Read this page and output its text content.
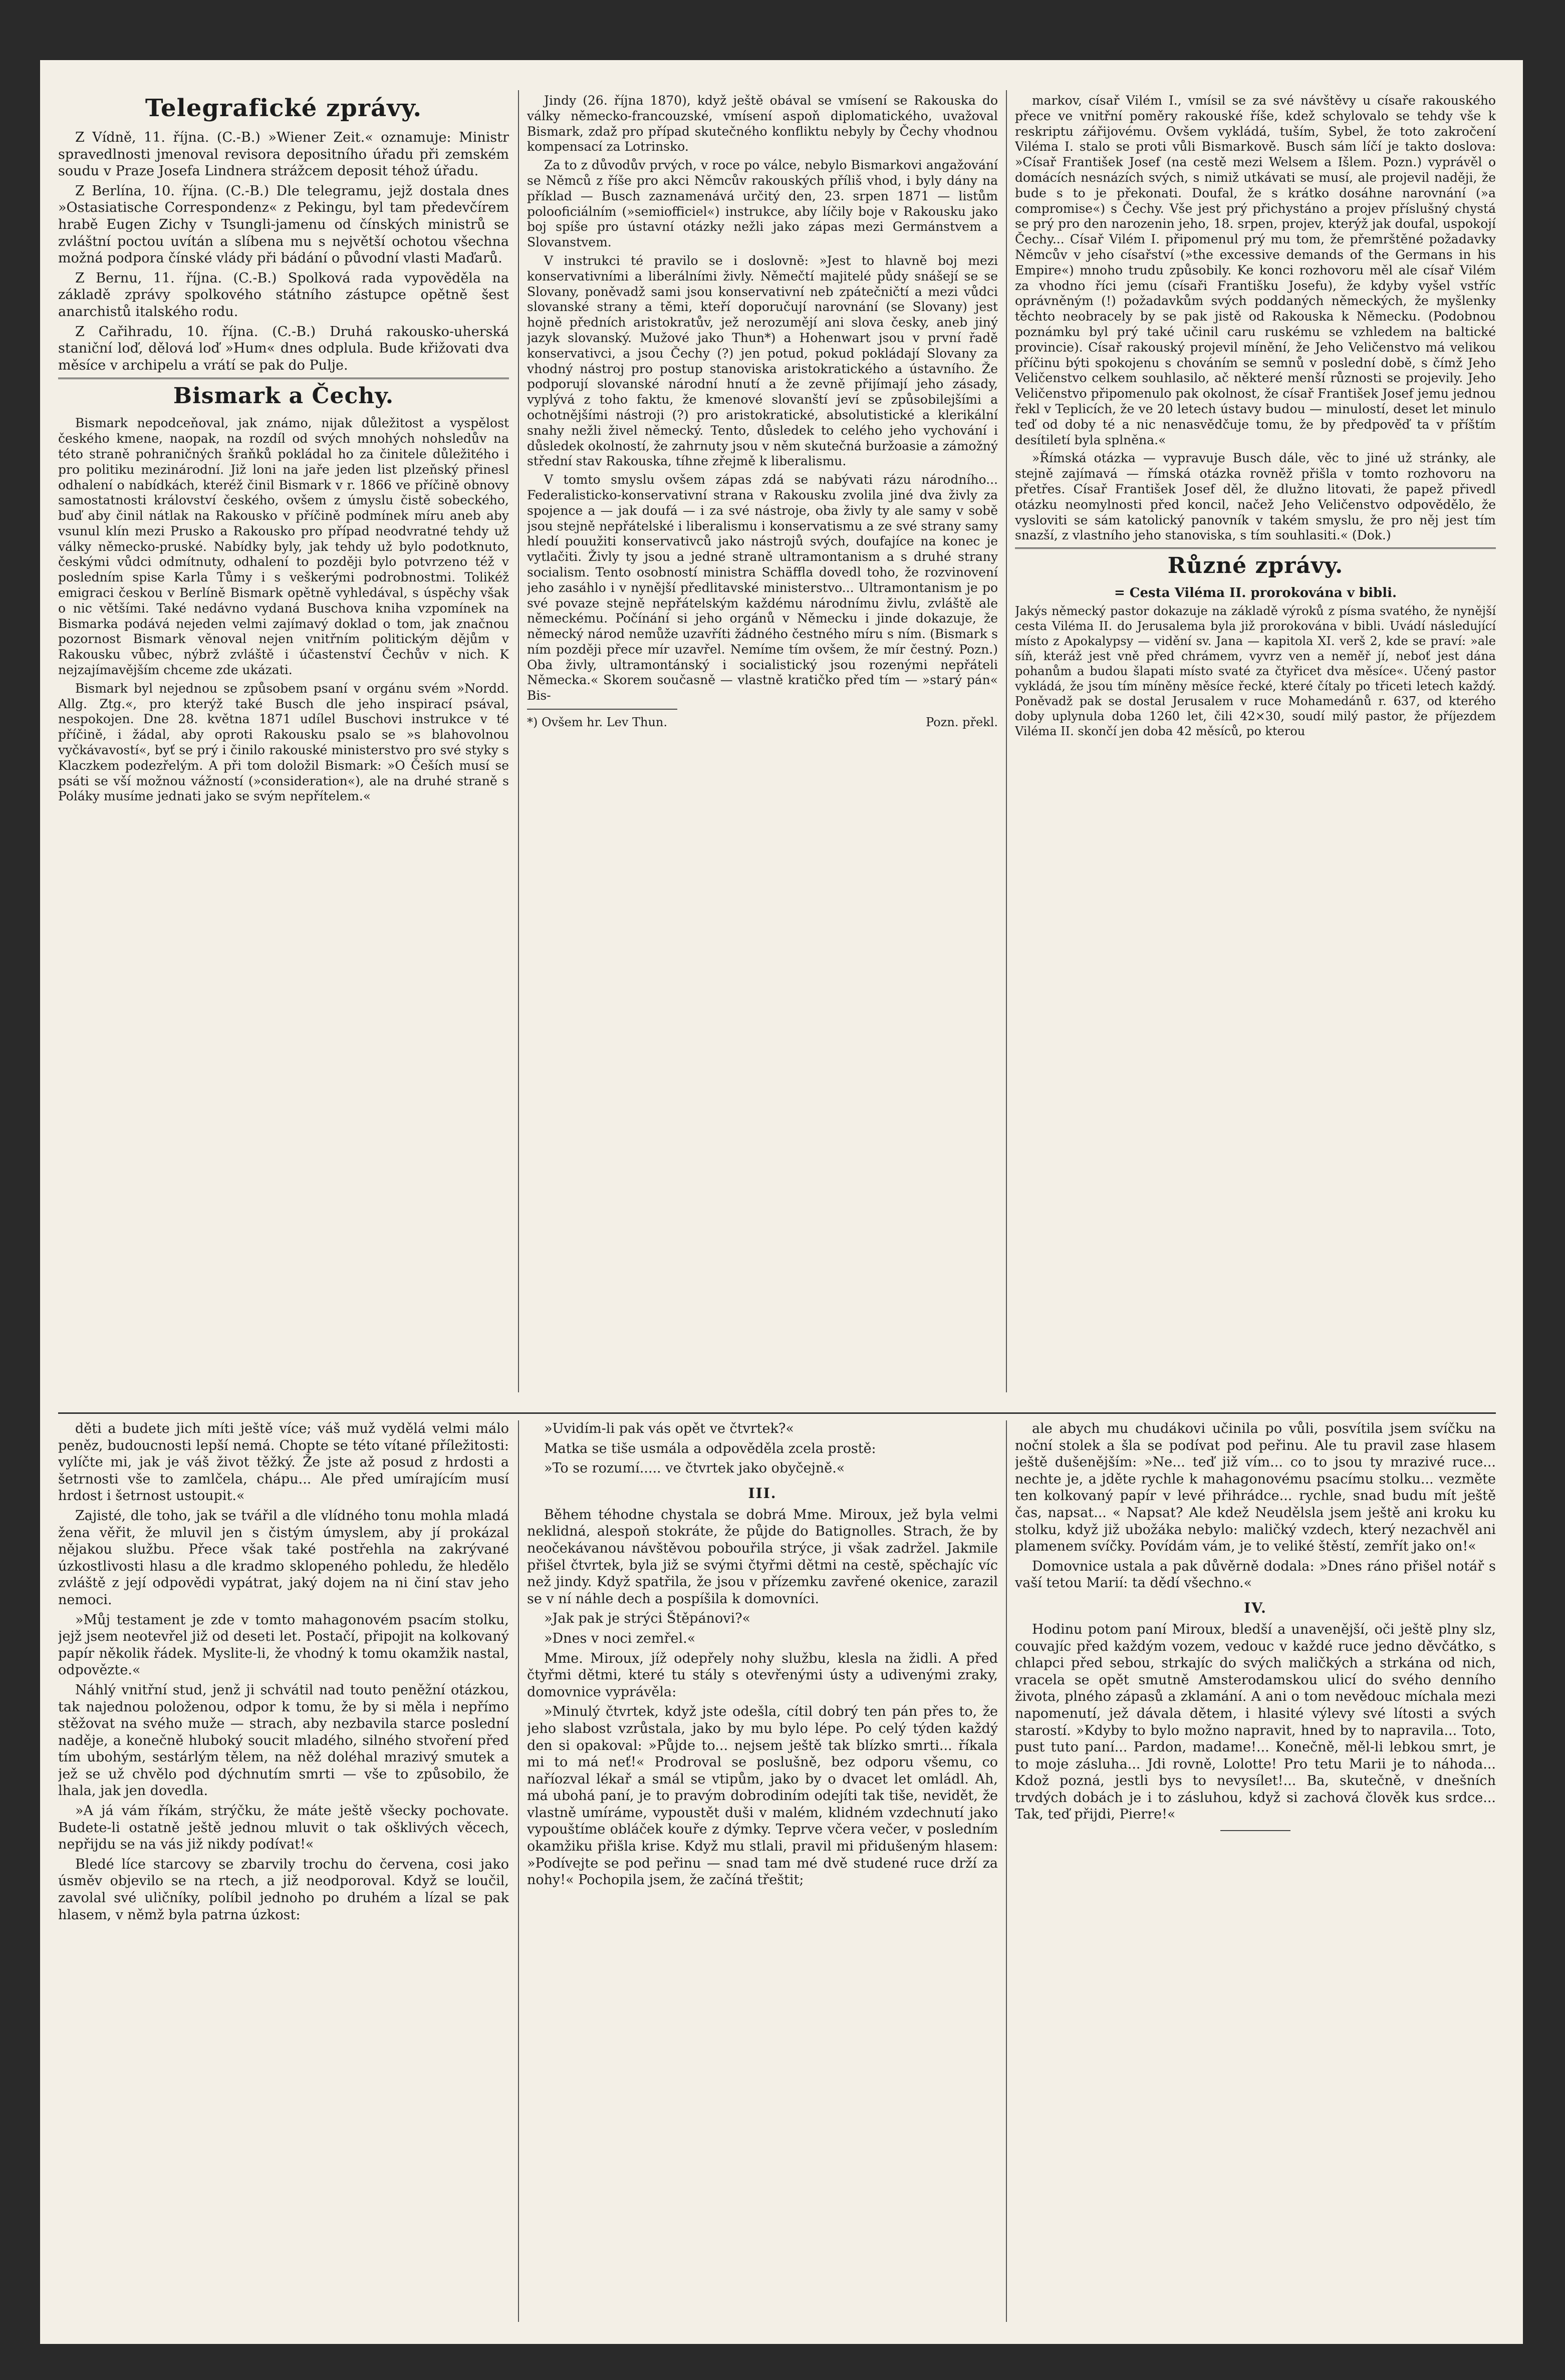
Telegrafické zprávy.

Z Vídně, 11. října. (C.-B.) »Wiener Zeit.« oznamuje: Ministr spravedlnosti jmenoval revisora depositního úřadu při zemském soudu v Praze Josefa Lindnera strážcem deposit téhož úřadu.

Z Berlína, 10. října. (C.-B.) Dle telegramu, jejž dostala dnes »Ostasiatische Correspondenz« z Pekingu, byl tam předevčírem hrabě Eugen Zichy v Tsungli-jamenu od čínských ministrů se zvláštní poctou uvítán a slíbena mu s největší ochotou všechna možná podpora čínské vlády při bádání o původní vlasti Maďarů.

Z Bernu, 11. října. (C.-B.) Spolková rada vypověděla na základě zprávy spolkového státního zástupce opětně šest anarchistů italského rodu.

Z Cařihradu, 10. října. (C.-B.) Druhá rakousko-uherská staniční loď, dělová loď »Hum« dnes odplula. Bude křižovati dva měsíce v archipelu a vrátí se pak do Pulje.

Bismark a Čechy.

Bismark nepodceňoval, jak známo, nijak důležitost a vyspělost českého kmene, naopak, na rozdíl od svých mnohých nohsledův na této straně pohraničných šraňků pokládal ho za činitele důležitého i pro politiku mezinárodní. Již loni na jaře jeden list plzeňský přinesl odhalení o nabídkách, kteréž činil Bismark v r. 1866 ve příčině obnovy samostatnosti království českého, ovšem z úmyslu čistě sobeckého, buď aby činil nátlak na Rakousko v příčině podmínek míru aneb aby vsunul klín mezi Prusko a Rakousko pro případ neodvratné tehdy už války německo-pruské. Nabídky byly, jak tehdy už bylo podotknuto, českými vůdci odmítnuty, odhalení to později bylo potvrzeno též v posledním spise Karla Tůmy i s veškerými podrobnostmi. Tolikéž emigraci českou v Berlíně Bismark opětně vyhledával, s úspěchy však o nic většími. Také nedávno vydaná Buschova kniha vzpomínek na Bismarka podává nejeden velmi zajímavý doklad o tom, jak značnou pozornost Bismark věnoval nejen vnitřním politickým dějům v Rakousku vůbec, nýbrž zvláště i účastenství Čechův v nich. K nejzajímavějším chceme zde ukázati.

Bismark byl nejednou se způsobem psaní v orgánu svém »Nordd. Allg. Ztg.«, pro kterýž také Busch dle jeho inspirací psával, nespokojen. Dne 28. května 1871 udílel Buschovi instrukce v té příčině, i žádal, aby oproti Rakousku psalo se »s blahovolnou vyčkávavostí«, byť se prý i činilo rakouské ministerstvo pro své styky s Klaczkem podezřelým. A při tom doložil Bismark: »O Češích musí se psáti se vší možnou vážností (»consideration«), ale na druhé straně s Poláky musíme jednati jako se svým nepřítelem.«

Jindy (26. října 1870), když ještě obával se vmísení se Rakouska do války německo-francouzské, vmísení aspoň diplomatického, uvažoval Bismark, zdaž pro případ skutečného konfliktu nebyly by Čechy vhodnou kompensací za Lotrinsko.

Za to z důvodův prvých, v roce po válce, nebylo Bismarkovi angažování se Němců z říše pro akci Němcův rakouských příliš vhod, i byly dány na příklad — Busch zaznamenává určitý den, 23. srpen 1871 — listům polooficiálním (»semiofficiel«) instrukce, aby líčily boje v Rakousku jako boj spíše pro ústavní otázky nežli jako zápas mezi Germánstvem a Slovanstvem.

V instrukci té pravilo se i doslovně: »Jest to hlavně boj mezi konservativními a liberálními živly. Němečtí majitelé půdy snášejí se se Slovany, poněvadž sami jsou konservativní neb zpátečničtí a mezi vůdci slovanské strany a těmi, kteří doporučují narovnání (se Slovany) jest hojně předních aristokratův, jež nerozumějí ani slova česky, aneb jiný jazyk slovanský. Mužové jako Thun*) a Hohenwart jsou v první řadě konservativci, a jsou Čechy (?) jen potud, pokud pokládají Slovany za vhodný nástroj pro postup stanoviska aristokratického a ústavního. Že podporují slovanské národní hnutí a že zevně přijímají jeho zásady, vyplývá z toho faktu, že kmenové slovanští jeví se způsobilejšími a ochotnějšími nástroji (?) pro aristokratické, absolutistické a klerikální snahy nežli živel německý. Tento, důsledek to celého jeho vychování i důsledek okolností, že zahrnuty jsou v něm skutečná buržoasie a zámožný střední stav Rakouska, tíhne zřejmě k liberalismu.

V tomto smyslu ovšem zápas zdá se nabývati rázu národního... Federalisticko-konservativní strana v Rakousku zvolila jiné dva živly za spojence a — jak doufá — i za své nástroje, oba živly ty ale samy v sobě jsou stejně nepřátelské i liberalismu i konservatismu a ze své strany samy hledí pouužiti konservativců jako nástrojů svých, doufajíce na konec je vytlačiti. Živly ty jsou a jedné straně ultramontanism a s druhé strany socialism. Tento osobností ministra Schäffla dovedl toho, že rozvinovení jeho zasáhlo i v nynější předlitavské ministerstvo... Ultramontanism je po své povaze stejně nepřátelským každému národnímu živlu, zvláště ale německému. Počínání si jeho orgánů v Německu i jinde dokazuje, že německý národ nemůže uzavříti žádného čestného míru s ním. (Bismark s ním později přece mír uzavřel. Nemíme tím ovšem, že mír čestný. Pozn.) Oba živly, ultramontánský i socialistický jsou rozenými nepřáteli Německa.« Skorem současně — vlastně kratičko před tím — »starý pán« Bis-

*) Ovšem hr. Lev Thun.	Pozn. překl.

markov, císař Vilém I., vmísil se za své návštěvy u císaře rakouského přece ve vnitřní poměry rakouské říše, kdež schylovalo se tehdy vše k reskriptu zářijovému. Ovšem vykládá, tuším, Sybel, že toto zakročení Viléma I. stalo se proti vůli Bismarkově. Busch sám líčí je takto doslova: »Císař František Josef (na cestě mezi Welsem a Išlem. Pozn.) vyprávěl o domácích nesnázích svých, s nimiž utkávati se musí, ale projevil naději, že bude s to je překonati. Doufal, že s krátko dosáhne narovnání (»a compromise«) s Čechy. Vše jest prý přichystáno a projev příslušný chystá se prý pro den narozenin jeho, 18. srpen, projev, kterýž jak doufal, uspokojí Čechy... Císař Vilém I. připomenul prý mu tom, že přemrštěné požadavky Němcův v jeho císařství (»the excessive demands of the Germans in his Empire«) mnoho trudu způsobily. Ke konci rozhovoru měl ale císař Vilém za vhodno říci jemu (císaři Františku Josefu), že kdyby vyšel vstříc oprávněným (!) požadavkům svých poddaných německých, že myšlenky těchto neobracely by se pak jistě od Rakouska k Německu. (Podobnou poznámku byl prý také učinil caru ruskému se vzhledem na baltické provincie). Císař rakouský projevil mínění, že Jeho Veličenstvo má velikou příčinu býti spokojenu s chováním se semnů v poslední době, s čímž Jeho Veličenstvo celkem souhlasilo, ač některé menší různosti se projevily. Jeho Veličenstvo připomenulo pak okolnost, že císař František Josef jemu jednou řekl v Teplicích, že ve 20 letech ústavy budou — minulostí, deset let minulo teď od doby té a nic nenasvědčuje tomu, že by předpověď ta v příštím desítiletí byla splněna.«

»Římská otázka — vypravuje Busch dále, věc to jiné už stránky, ale stejně zajímavá — římská otázka rovněž přišla v tomto rozhovoru na přetřes. Císař František Josef děl, že dlužno litovati, že papež přivedl otázku neomylnosti před koncil, načež Jeho Veličenstvo odpovědělo, že vysloviti se sám katolický panovník v takém smyslu, že pro něj jest tím snazší, z vlastního jeho stanoviska, s tím souhlasiti.« (Dok.)

Různé zprávy.
= Cesta Viléma II. prorokována v bibli.

Jakýs německý pastor dokazuje na základě výroků z písma svatého, že nynější cesta Viléma II. do Jerusalema byla již prorokována v bibli. Uvádí následující místo z Apokalypsy — vidění sv. Jana — kapitola XI. verš 2, kde se praví: »ale síň, kteráž jest vně před chrámem, vyvrz ven a neměř jí, neboť jest dána pohanům a budou šlapati místo svaté za čtyřicet dva měsíce«. Učený pastor vykládá, že jsou tím míněny měsíce řecké, které čítaly po třiceti letech každý. Poněvadž pak se dostal Jerusalem v ruce Mohamedánů r. 637, od kterého doby uplynula doba 1260 let, čili 42×30, soudí milý pastor, že příjezdem Viléma II. skončí jen doba 42 měsíců, po kterou

děti a budete jich míti ještě více; váš muž vydělá velmi málo peněz, budoucnosti lepší nemá. Chopte se této vítané příležitosti: vylíčte mi, jak je váš život těžký. Že jste až posud z hrdosti a šetrnosti vše to zamlčela, chápu... Ale před umírajícím musí hrdost i šetrnost ustoupit.«

Zajisté, dle toho, jak se tvářil a dle vlídného tonu mohla mladá žena věřit, že mluvil jen s čistým úmyslem, aby jí prokázal nějakou službu. Přece však také postřehla na zakrývané úzkostlivosti hlasu a dle kradmo sklopeného pohledu, že hledělo zvláště z její odpovědi vypátrat, jaký dojem na ni činí stav jeho nemoci.

»Můj testament je zde v tomto mahagonovém psacím stolku, jejž jsem neotevřel již od deseti let. Postačí, připojit na kolkovaný papír několik řádek. Myslite-li, že vhodný k tomu okamžik nastal, odpovězte.«

Náhlý vnitřní stud, jenž ji schvátil nad touto peněžní otázkou, tak najednou položenou, odpor k tomu, že by si měla i nepřímo stěžovat na svého muže — strach, aby nezbavila starce poslední naděje, a konečně hluboký soucit mladého, silného stvoření před tím ubohým, sestárlým tělem, na něž doléhal mrazivý smutek a jež se už chvělo pod dýchnutím smrti — vše to způsobilo, že lhala, jak jen dovedla.

»A já vám říkám, strýčku, že máte ještě všecky pochovate. Budete-li ostatně ještě jednou mluvit o tak ošklivých věcech, nepřijdu se na vás již nikdy podívat!«

Bledé líce starcovy se zbarvily trochu do červena, cosi jako úsměv objevilo se na rtech, a již neodporoval. Když se loučil, zavolal své uličníky, políbil jednoho po druhém a lízal se pak hlasem, v němž byla patrna úzkost:

»Uvidím-li pak vás opět ve čtvrtek?«

Matka se tiše usmála a odpověděla zcela prostě:

»To se rozumí..... ve čtvrtek jako obyčejně.«

III.

Během téhodne chystala se dobrá Mme. Miroux, jež byla velmi neklidná, alespoň stokráte, že půjde do Batignolles. Strach, že by neočekávanou návštěvou pobouřila strýce, ji však zadržel. Jakmile přišel čtvrtek, byla již se svými čtyřmi dětmi na cestě, spěchajíc víc než jindy. Když spatřila, že jsou v přízemku zavřené okenice, zarazil se v ní náhle dech a pospíšila k domovníci.

»Jak pak je strýci Štěpánovi?«

»Dnes v noci zemřel.«

Mme. Miroux, jíž odepřely nohy službu, klesla na židli. A před čtyřmi dětmi, které tu stály s otevřenými ústy a udivenými zraky, domovnice vyprávěla:

»Minulý čtvrtek, když jste odešla, cítil dobrý ten pán přes to, že jeho slabost vzrůstala, jako by mu bylo lépe. Po celý týden každý den si opakoval: »Půjde to... nejsem ještě tak blízko smrti... říkala mi to má neť!« Prodroval se poslušně, bez odporu všemu, co naříozval lékař a smál se vtipům, jako by o dvacet let omládl. Ah, má ubohá paní, je to pravým dobrodiním odejíti tak tiše, nevidět, že vlastně umíráme, vypoustět duši v malém, klidném vzdechnutí jako vypouštíme obláček kouře z dýmky. Teprve včera večer, v posledním okamžiku přišla krise. Když mu stlali, pravil mi přidušeným hlasem: »Podívejte se pod peřinu — snad tam mé dvě studené ruce drží za nohy!« Pochopila jsem, že začíná třeštit;

ale abych mu chudákovi učinila po vůli, posvítila jsem svíčku na noční stolek a šla se podívat pod peřinu. Ale tu pravil zase hlasem ještě dušenějším: »Ne... teď již vím... co to jsou ty mrazivé ruce... nechte je, a jděte rychle k mahagonovému psacímu stolku... vezměte ten kolkovaný papír v levé přihrádce... rychle, snad budu mít ještě čas, napsat... « Napsat? Ale kdež Neudělsla jsem ještě ani kroku ku stolku, když již ubožáka nebylo: maličký vzdech, který nezachvěl ani plamenem svíčky. Povídám vám, je to veliké štěstí, zemřít jako on!«

Domovnice ustala a pak důvěrně dodala: »Dnes ráno přišel notář s vaší tetou Marií: ta dědí všechno.«

IV.

Hodinu potom paní Miroux, bledší a unavenější, oči ještě plny slz, couvajíc před každým vozem, vedouc v každé ruce jedno děvčátko, s chlapci před sebou, strkajíc do svých maličkých a strkána od nich, vracela se opět smutně Amsterodamskou ulicí do svého denního života, plného zápasů a zklamání. A ani o tom nevědouc míchala mezi napomenutí, jež dávala dětem, i hlasité výlevy své lítosti a svých starostí. »Kdyby to bylo možno napravit, hned by to napravila... Toto, pust tuto paní... Pardon, madame!... Konečně, měl-li lebkou smrt, je to moje zásluha... Jdi rovně, Lolotte! Pro tetu Marii je to náhoda... Kdož pozná, jestli bys to nevysílet!... Ba, skutečně, v dnešních trvdých dobách je i to zásluhou, když si zachová člověk kus srdce... Tak, teď přijdi, Pierre!«
